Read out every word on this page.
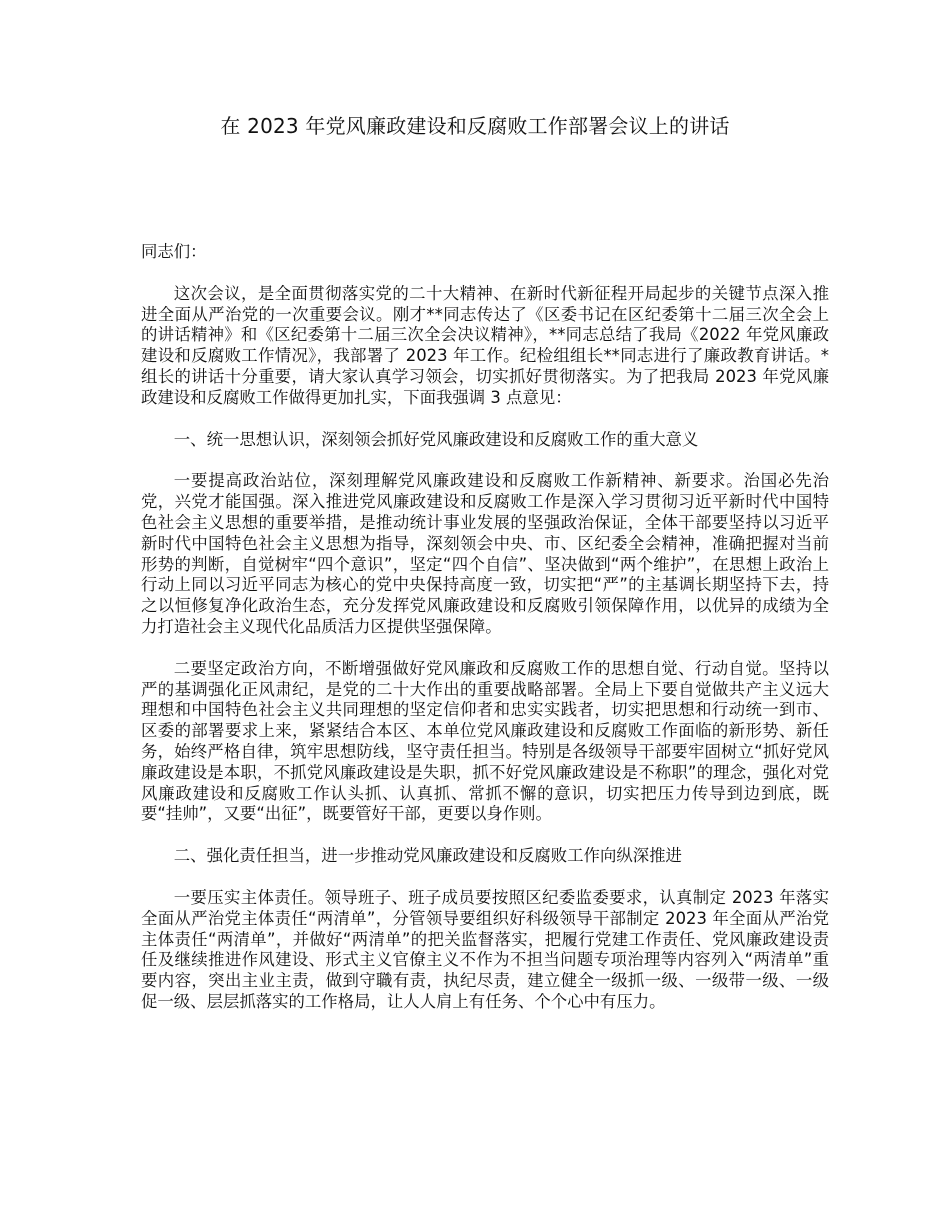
在 2023 年党风廉政建设和反腐败工作部署会议上的讲话

同志们：

这次会议，是全面贯彻落实党的二十大精神、在新时代新征程开局起步的关键节点深入推进全面从严治党的一次重要会议。刚才**同志传达了《区委书记在区纪委第十二届三次全会上的讲话精神》和《区纪委第十二届三次全会决议精神》，**同志总结了我局《2022 年党风廉政建设和反腐败工作情况》，我部署了 2023 年工作。纪检组组长**同志进行了廉政教育讲话。*组长的讲话十分重要，请大家认真学习领会，切实抓好贯彻落实。为了把我局 2023 年党风廉政建设和反腐败工作做得更加扎实，下面我强调 3 点意见：

一、统一思想认识，深刻领会抓好党风廉政建设和反腐败工作的重大意义

一要提高政治站位，深刻理解党风廉政建设和反腐败工作新精神、新要求。治国必先治党，兴党才能国强。深入推进党风廉政建设和反腐败工作是深入学习贯彻习近平新时代中国特色社会主义思想的重要举措，是推动统计事业发展的坚强政治保证，全体干部要坚持以习近平新时代中国特色社会主义思想为指导，深刻领会中央、市、区纪委全会精神，准确把握对当前形势的判断，自觉树牢“四个意识”，坚定“四个自信”、坚决做到“两个维护”，在思想上政治上行动上同以习近平同志为核心的党中央保持高度一致，切实把“严”的主基调长期坚持下去，持之以恒修复净化政治生态，充分发挥党风廉政建设和反腐败引领保障作用，以优异的成绩为全力打造社会主义现代化品质活力区提供坚强保障。

二要坚定政治方向，不断增强做好党风廉政和反腐败工作的思想自觉、行动自觉。坚持以严的基调强化正风肃纪，是党的二十大作出的重要战略部署。全局上下要自觉做共产主义远大理想和中国特色社会主义共同理想的坚定信仰者和忠实实践者，切实把思想和行动统一到市、区委的部署要求上来，紧紧结合本区、本单位党风廉政建设和反腐败工作面临的新形势、新任务，始终严格自律，筑牢思想防线，坚守责任担当。特别是各级领导干部要牢固树立“抓好党风廉政建设是本职，不抓党风廉政建设是失职，抓不好党风廉政建设是不称职”的理念，强化对党风廉政建设和反腐败工作认头抓、认真抓、常抓不懈的意识，切实把压力传导到边到底，既要“挂帅”，又要“出征”，既要管好干部，更要以身作则。

二、强化责任担当，进一步推动党风廉政建设和反腐败工作向纵深推进

一要压实主体责任。领导班子、班子成员要按照区纪委监委要求，认真制定 2023 年落实全面从严治党主体责任“两清单”，分管领导要组织好科级领导干部制定 2023 年全面从严治党主体责任“两清单”，并做好“两清单”的把关监督落实，把履行党建工作责任、党风廉政建设责任及继续推进作风建设、形式主义官僚主义不作为不担当问题专项治理等内容列入“两清单”重要内容，突出主业主责，做到守職有责，执纪尽责，建立健全一级抓一级、一级带一级、一级促一级、层层抓落实的工作格局，让人人肩上有任务、个个心中有压力。
